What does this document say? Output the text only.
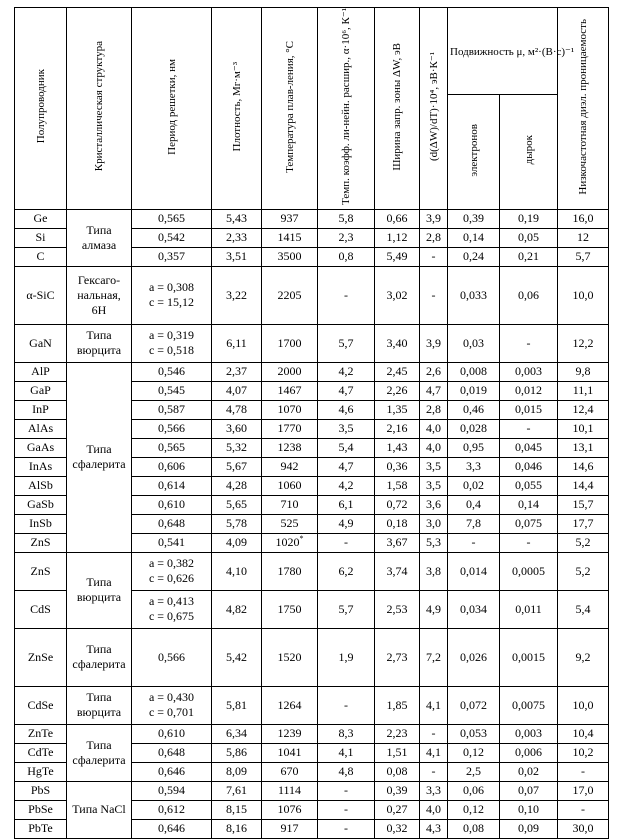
Полупроводник	Кристаллическая структура	Период решетки, нм	Плотность, Мг·м⁻³	Температура плав-ления, °С	Темп. коэфф. ли-нейн. расшир., α·10⁶, К⁻¹	Ширина запр. зоны ΔW, эВ	(d(ΔW)/dT)·10⁴, эВ·К⁻¹	Подвижность μ, м²·(В·с)⁻¹		Низкочастотная диэл. проницаемость
								электронов	дырок	
Ge	Типа алмаза	0,565	5,43	937	5,8	0,66	3,9	0,39	0,19	16,0
Si		0,542	2,33	1415	2,3	1,12	2,8	0,14	0,05	12
C		0,357	3,51	3500	0,8	5,49	-	0,24	0,21	5,7
α-SiC	Гексаго-нальная, 6H	a = 0,308
c = 15,12	3,22	2205	-	3,02	-	0,033	0,06	10,0
GaN	Типа вюрцита	a = 0,319
c = 0,518	6,11	1700	5,7	3,40	3,9	0,03	-	12,2
AlP	Типа сфалерита	0,546	2,37	2000	4,2	2,45	2,6	0,008	0,003	9,8
GaP		0,545	4,07	1467	4,7	2,26	4,7	0,019	0,012	11,1
InP		0,587	4,78	1070	4,6	1,35	2,8	0,46	0,015	12,4
AlAs		0,566	3,60	1770	3,5	2,16	4,0	0,028	-	10,1
GaAs		0,565	5,32	1238	5,4	1,43	4,0	0,95	0,045	13,1
InAs		0,606	5,67	942	4,7	0,36	3,5	3,3	0,046	14,6
AlSb		0,614	4,28	1060	4,2	1,58	3,5	0,02	0,055	14,4
GaSb		0,610	5,65	710	6,1	0,72	3,6	0,4	0,14	15,7
InSb		0,648	5,78	525	4,9	0,18	3,0	7,8	0,075	17,7
ZnS		0,541	4,09	1020*	-	3,67	5,3	-	-	5,2
ZnS	Типа вюрцита	a = 0,382
c = 0,626	4,10	1780	6,2	3,74	3,8	0,014	0,0005	5,2
CdS		a = 0,413
c = 0,675	4,82	1750	5,7	2,53	4,9	0,034	0,011	5,4
ZnSe	Типа сфалерита	0,566	5,42	1520	1,9	2,73	7,2	0,026	0,0015	9,2
CdSe	Типа вюрцита	a = 0,430
c = 0,701	5,81	1264	-	1,85	4,1	0,072	0,0075	10,0
ZnTe	Типа сфалерита	0,610	6,34	1239	8,3	2,23	-	0,053	0,003	10,4
CdTe		0,648	5,86	1041	4,1	1,51	4,1	0,12	0,006	10,2
HgTe		0,646	8,09	670	4,8	0,08	-	2,5	0,02	-
PbS	Типа NaCl	0,594	7,61	1114	-	0,39	3,3	0,06	0,07	17,0
PbSe		0,612	8,15	1076	-	0,27	4,0	0,12	0,10	-
PbTe		0,646	8,16	917	-	0,32	4,3	0,08	0,09	30,0
